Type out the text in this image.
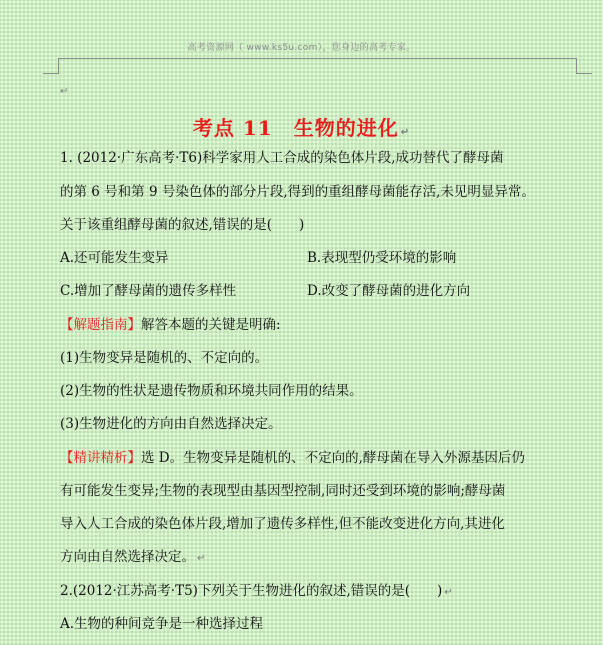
高考资源网（ www.ks5u.com），您身边的高考专家。
↵
考点 11　生物的进化 ↵
1. (2012·广东高考·T6)科学家用人工合成的染色体片段,成功替代了酵母菌
的第 6 号和第 9 号染色体的部分片段,得到的重组酵母菌能存活,未见明显异常。
关于该重组酵母菌的叙述,错误的是(　　)
A.还可能发生变异	B.表现型仍受环境的影响
C.增加了酵母菌的遗传多样性	D.改变了酵母菌的进化方向
【解题指南】解答本题的关键是明确:
(1)生物变异是随机的、不定向的。
(2)生物的性状是遗传物质和环境共同作用的结果。
(3)生物进化的方向由自然选择决定。
【精讲精析】选 D。生物变异是随机的、不定向的,酵母菌在导入外源基因后仍
有可能发生变异;生物的表现型由基因型控制,同时还受到环境的影响;酵母菌
导入人工合成的染色体片段,增加了遗传多样性,但不能改变进化方向,其进化
方向由自然选择决定。 ↵
2.(2012·江苏高考·T5)下列关于生物进化的叙述,错误的是(　　) ↵
A.生物的种间竞争是一种选择过程
